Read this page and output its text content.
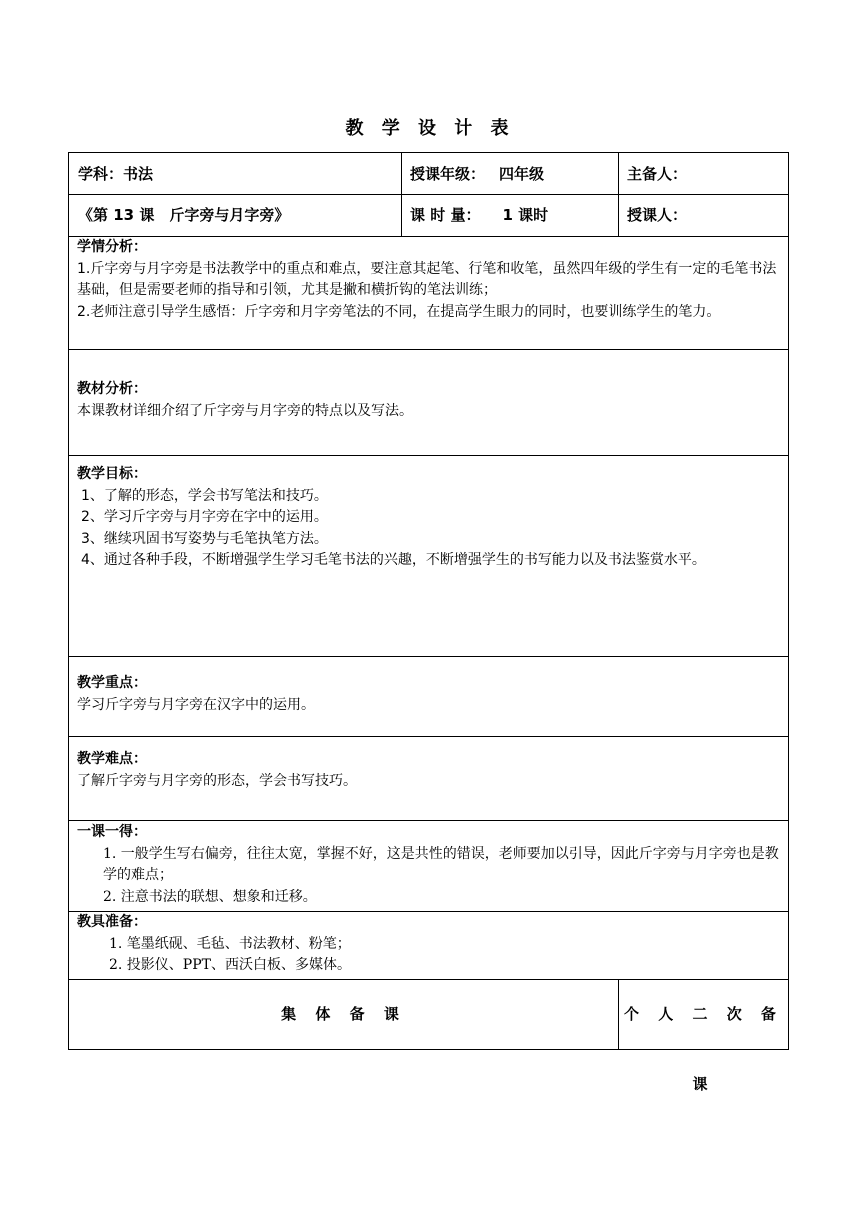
教 学 设 计 表
学科：书法	授课年级： 四年级	主备人：
《第 13 课　斤字旁与月字旁》	课 时 量： 1 课时	授课人：
学情分析：

1.斤字旁与月字旁是书法教学中的重点和难点，要注意其起笔、行笔和收笔，虽然四年级的学生有一定的毛笔书法基础，但是需要老师的指导和引领，尤其是撇和横折钩的笔法训练；

2.老师注意引导学生感悟：斤字旁和月字旁笔法的不同，在提高学生眼力的同时，也要训练学生的笔力。

教材分析：

本课教材详细介绍了斤字旁与月字旁的特点以及写法。

教学目标：

1、了解的形态，学会书写笔法和技巧。

2、学习斤字旁与月字旁在字中的运用。

3、继续巩固书写姿势与毛笔执笔方法。

4、通过各种手段，不断增强学生学习毛笔书法的兴趣，不断增强学生的书写能力以及书法鉴赏水平。

教学重点：

学习斤字旁与月字旁在汉字中的运用。

教学难点：

了解斤字旁与月字旁的形态，学会书写技巧。

一课一得：

1. 一般学生写右偏旁，往往太宽，掌握不好，这是共性的错误，老师要加以引导，因此斤字旁与月字旁也是教学的难点；

2. 注意书法的联想、想象和迁移。

教具准备：

1. 笔墨纸砚、毛毡、书法教材、粉笔；

2. 投影仪、PPT、西沃白板、多媒体。

集 体 备 课	个 人 二 次 备 课
